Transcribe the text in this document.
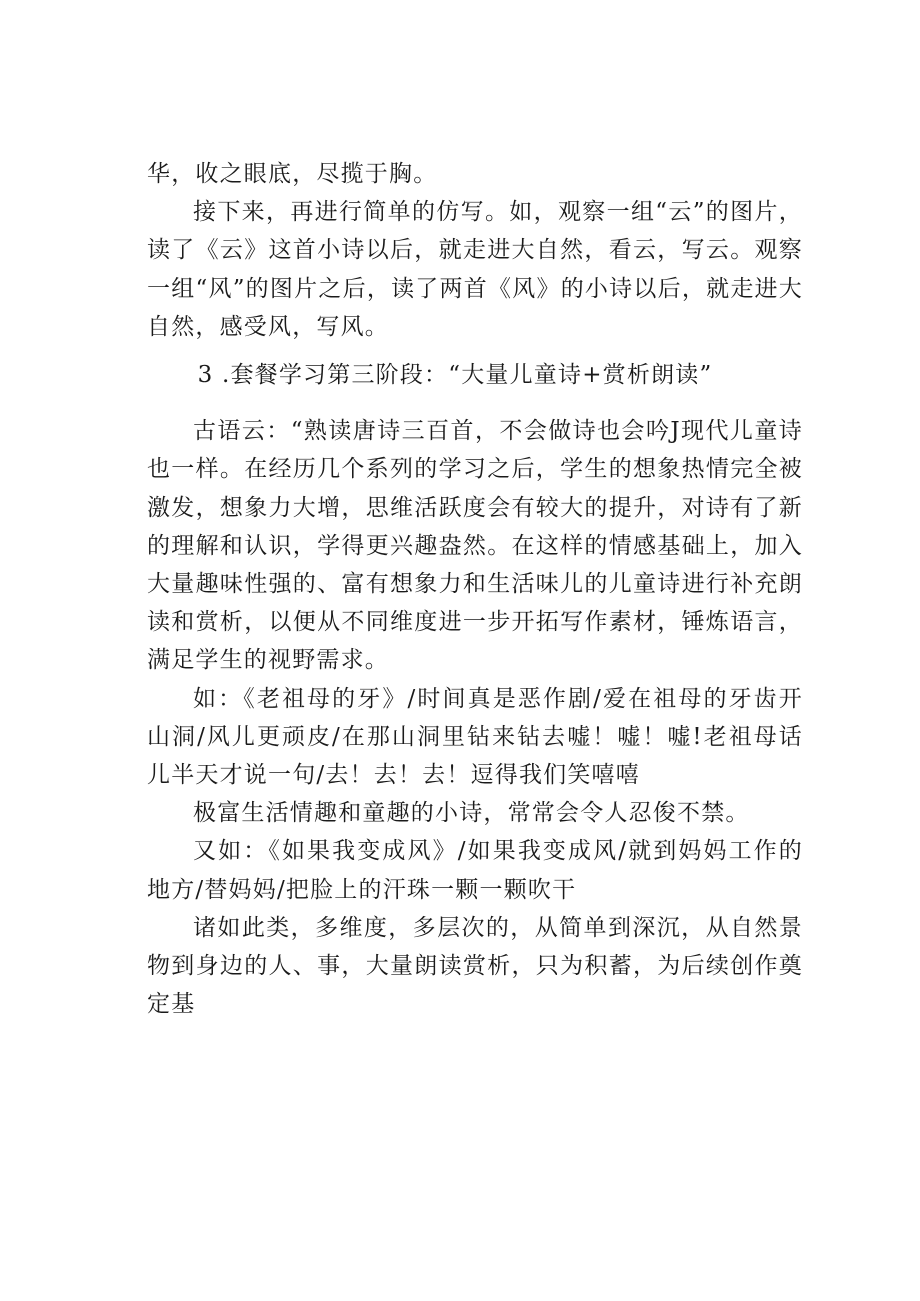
华，收之眼底，尽揽于胸。

接下来，再进行简单的仿写。如，观察一组“云”的图片，读了《云》这首小诗以后，就走进大自然，看云，写云。观察一组“风”的图片之后，读了两首《风》的小诗以后，就走进大自然，感受风，写风。

3 .套餐学习第三阶段：“大量儿童诗+赏析朗读”

古语云：“熟读唐诗三百首，不会做诗也会吟J现代儿童诗也一样。在经历几个系列的学习之后，学生的想象热情完全被激发，想象力大增，思维活跃度会有较大的提升，对诗有了新的理解和认识，学得更兴趣盎然。在这样的情感基础上，加入大量趣味性强的、富有想象力和生活味儿的儿童诗进行补充朗读和赏析，以便从不同维度进一步开拓写作素材，锤炼语言，满足学生的视野需求。

如：《老祖母的牙》/时间真是恶作剧/爱在祖母的牙齿开山洞/风儿更顽皮/在那山洞里钻来钻去嘘！嘘！嘘!老祖母话儿半天才说一句/去！去！去！逗得我们笑嘻嘻

极富生活情趣和童趣的小诗，常常会令人忍俊不禁。

又如：《如果我变成风》/如果我变成风/就到妈妈工作的地方/替妈妈/把脸上的汗珠一颗一颗吹干

诸如此类，多维度，多层次的，从简单到深沉，从自然景物到身边的人、事，大量朗读赏析，只为积蓄，为后续创作奠定基
